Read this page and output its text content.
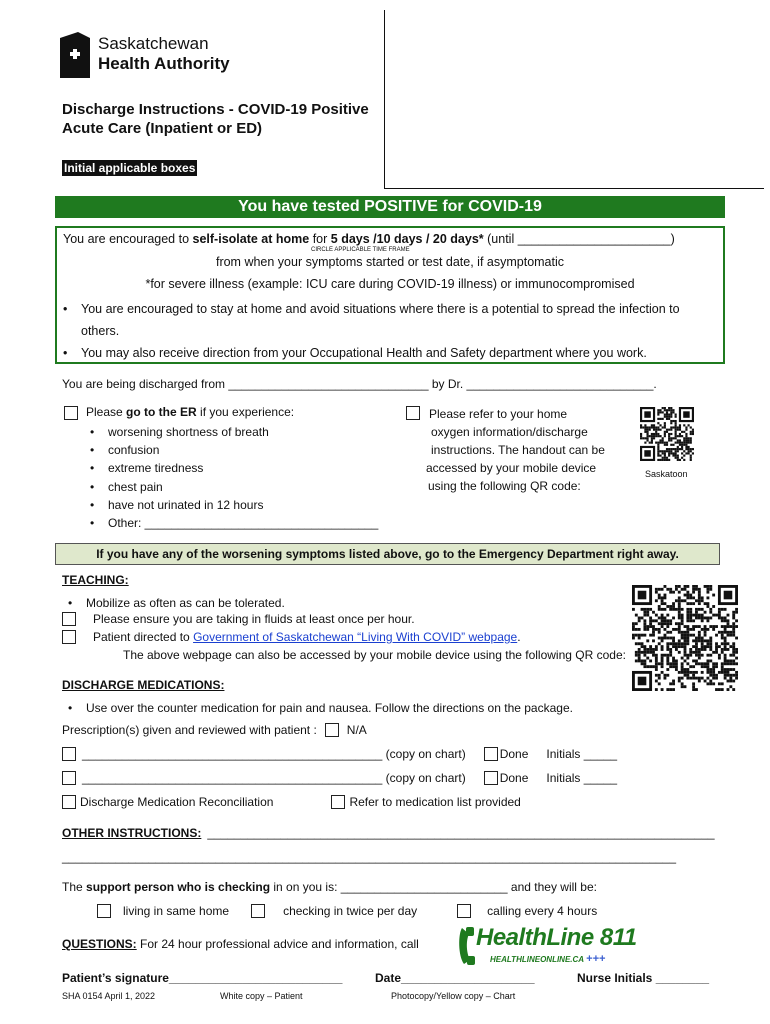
Saskatchewan
Health Authority
Discharge Instructions - COVID-19 Positive
Acute Care (Inpatient or ED)
Initial applicable boxes
You have tested POSITIVE for COVID-19
You are encouraged to self-isolate at home for 5 days /10 days / 20 days* (until ______________________)
CIRCLE APPLICABLE TIME FRAME
from when your symptoms started or test date, if asymptomatic
*for severe illness (example: ICU care during COVID-19 illness) or immunocompromised
• You are encouraged to stay at home and avoid situations where there is a potential to spread the infection to others.
• You may also receive direction from your Occupational Health and Safety department where you work.
You are being discharged from ______________________________ by Dr. ____________________________.
Please go to the ER if you experience:
• worsening shortness of breath
• confusion
• extreme tiredness
• chest pain
• have not urinated in 12 hours
• Other: ___________________________________
Please refer to your home
oxygen information/discharge
instructions. The handout can be
accessed by your mobile device
using the following QR code:
Saskatoon
If you have any of the worsening symptoms listed above, go to the Emergency Department right away.
TEACHING:
• Mobilize as often as can be tolerated.
Please ensure you are taking in fluids at least once per hour.
Patient directed to Government of Saskatchewan “Living With COVID” webpage.
The above webpage can also be accessed by your mobile device using the following QR code:
DISCHARGE MEDICATIONS:
• Use over the counter medication for pain and nausea. Follow the directions on the package.
Prescription(s) given and reviewed with patient :	N/A
_____________________________________________ (copy on chart)	Done Initials _____
_____________________________________________ (copy on chart)	Done Initials _____
Discharge Medication Reconciliation	Refer to medication list provided
OTHER INSTRUCTIONS: ____________________________________________________________________________
____________________________________________________________________________________________
The support person who is checking in on you is: _________________________ and they will be:
living in same home	checking in twice per day	calling every 4 hours
QUESTIONS: For 24 hour professional advice and information, call HealthLine 811
HEALTHLINEONLINE.CA +++
Patient’s signature__________________________	Date____________________	Nurse Initials ________
SHA 0154 April 1, 2022	White copy – Patient	Photocopy/Yellow copy – Chart
